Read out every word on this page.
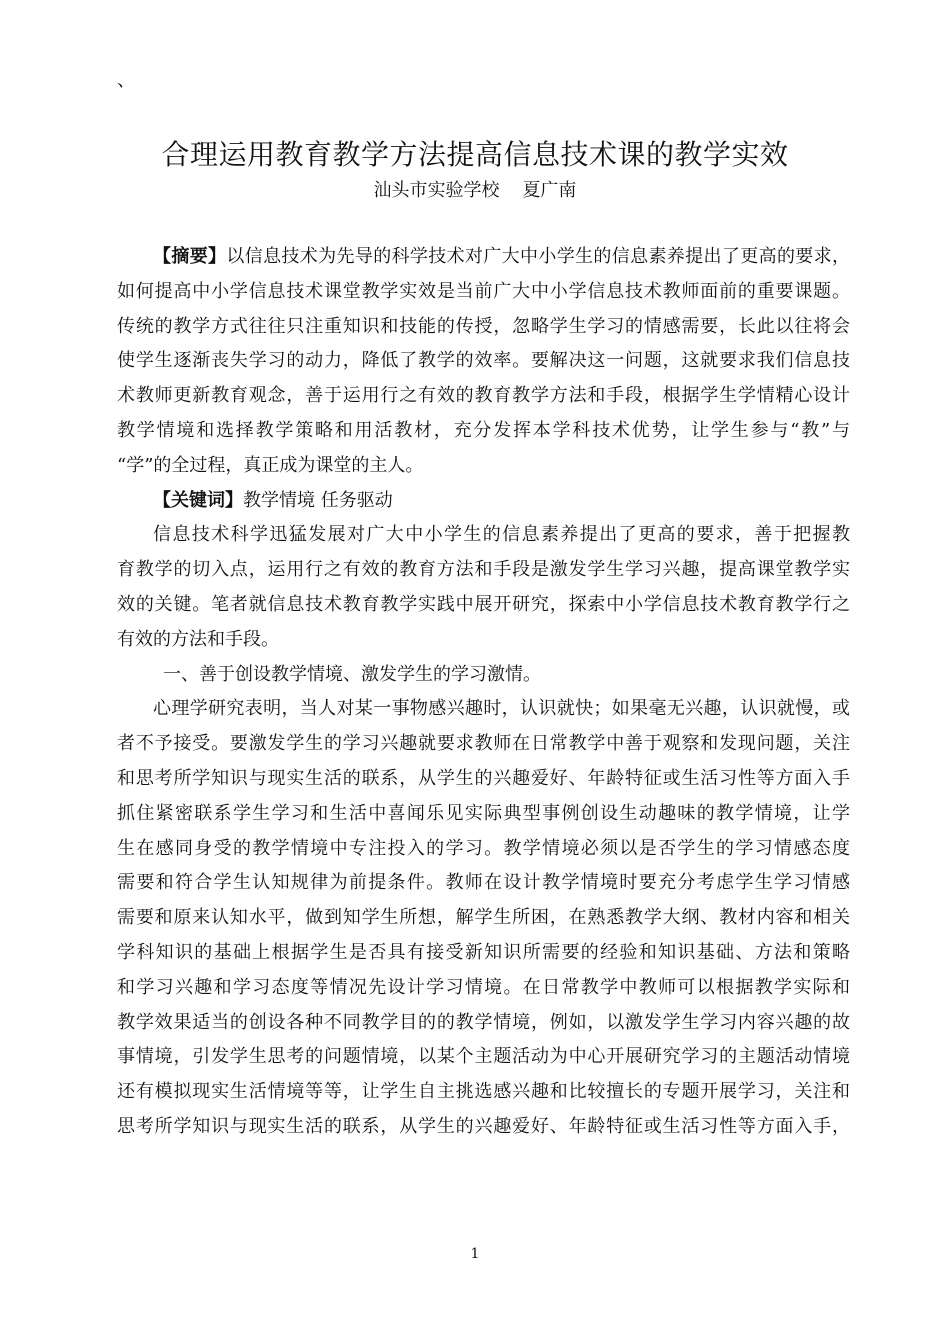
、
合理运用教育教学方法提高信息技术课的教学实效
汕头市实验学校 夏广南
【摘要】以信息技术为先导的科学技术对广大中小学生的信息素养提出了更高的要求，
如何提高中小学信息技术课堂教学实效是当前广大中小学信息技术教师面前的重要课题。
传统的教学方式往往只注重知识和技能的传授，忽略学生学习的情感需要，长此以往将会
使学生逐渐丧失学习的动力，降低了教学的效率。要解决这一问题，这就要求我们信息技
术教师更新教育观念，善于运用行之有效的教育教学方法和手段，根据学生学情精心设计
教学情境和选择教学策略和用活教材，充分发挥本学科技术优势，让学生参与“教”与
“学”的全过程，真正成为课堂的主人。
【关键词】教学情境 任务驱动
信息技术科学迅猛发展对广大中小学生的信息素养提出了更高的要求，善于把握教
育教学的切入点，运用行之有效的教育方法和手段是激发学生学习兴趣，提高课堂教学实
效的关键。笔者就信息技术教育教学实践中展开研究，探索中小学信息技术教育教学行之
有效的方法和手段。
一、善于创设教学情境、激发学生的学习激情。
心理学研究表明，当人对某一事物感兴趣时，认识就快；如果毫无兴趣，认识就慢，或
者不予接受。要激发学生的学习兴趣就要求教师在日常教学中善于观察和发现问题，关注
和思考所学知识与现实生活的联系，从学生的兴趣爱好、年龄特征或生活习性等方面入手
抓住紧密联系学生学习和生活中喜闻乐见实际典型事例创设生动趣味的教学情境，让学
生在感同身受的教学情境中专注投入的学习。教学情境必须以是否学生的学习情感态度
需要和符合学生认知规律为前提条件。教师在设计教学情境时要充分考虑学生学习情感
需要和原来认知水平，做到知学生所想，解学生所困，在熟悉教学大纲、教材内容和相关
学科知识的基础上根据学生是否具有接受新知识所需要的经验和知识基础、方法和策略
和学习兴趣和学习态度等情况先设计学习情境。在日常教学中教师可以根据教学实际和
教学效果适当的创设各种不同教学目的的教学情境，例如，以激发学生学习内容兴趣的故
事情境，引发学生思考的问题情境，以某个主题活动为中心开展研究学习的主题活动情境
还有模拟现实生活情境等等，让学生自主挑选感兴趣和比较擅长的专题开展学习，关注和
思考所学知识与现实生活的联系，从学生的兴趣爱好、年龄特征或生活习性等方面入手，
1
